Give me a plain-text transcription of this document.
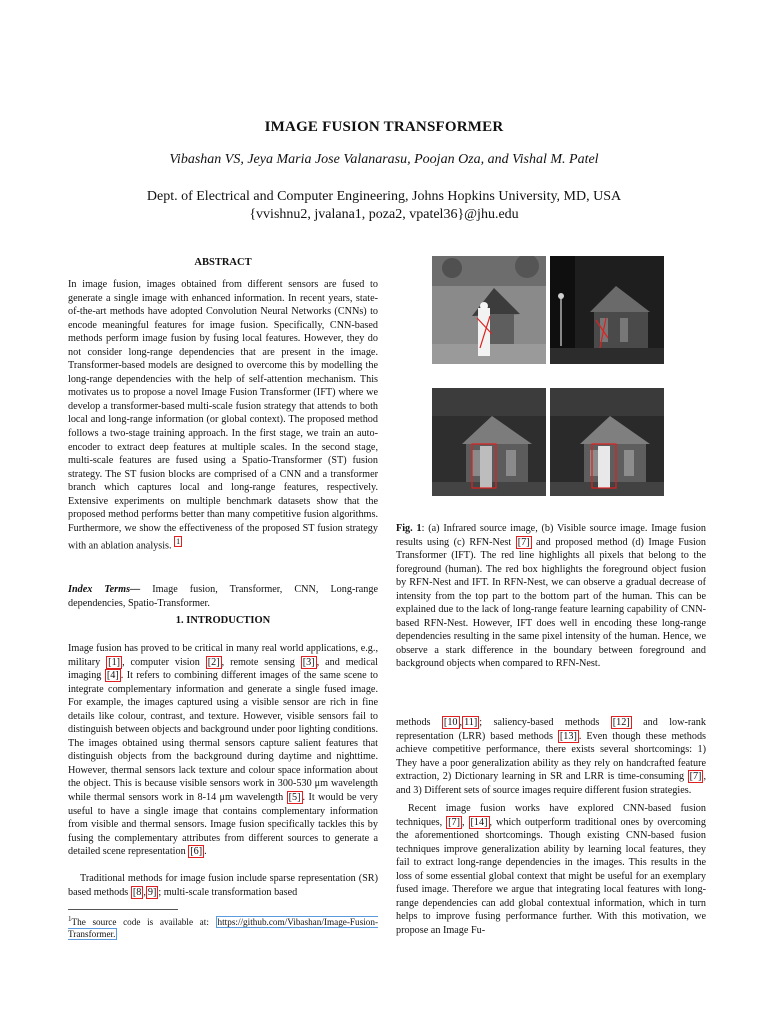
IMAGE FUSION TRANSFORMER
Vibashan VS, Jeya Maria Jose Valanarasu, Poojan Oza, and Vishal M. Patel
Dept. of Electrical and Computer Engineering, Johns Hopkins University, MD, USA
{vvishnu2, jvalana1, poza2, vpatel36}@jhu.edu
ABSTRACT
In image fusion, images obtained from different sensors are fused to generate a single image with enhanced information. In recent years, state-of-the-art methods have adopted Convolution Neural Networks (CNNs) to encode meaningful features for image fusion. Specifically, CNN-based methods perform image fusion by fusing local features. However, they do not consider long-range dependencies that are present in the image. Transformer-based models are designed to overcome this by modelling the long-range dependencies with the help of self-attention mechanism. This motivates us to propose a novel Image Fusion Transformer (IFT) where we develop a transformer-based multi-scale fusion strategy that attends to both local and long-range information (or global context). The proposed method follows a two-stage training approach. In the first stage, we train an auto-encoder to extract deep features at multiple scales. In the second stage, multi-scale features are fused using a Spatio-Transformer (ST) fusion strategy. The ST fusion blocks are comprised of a CNN and a transformer branch which captures local and long-range features, respectively. Extensive experiments on multiple benchmark datasets show that the proposed method performs better than many competitive fusion algorithms. Furthermore, we show the effectiveness of the proposed ST fusion strategy with an ablation analysis. $^1$
Index Terms— Image fusion, Transformer, CNN, Long-range dependencies, Spatio-Transformer.
1. INTRODUCTION
Image fusion has proved to be critical in many real world applications, e.g., military [1] , computer vision [2] , remote sensing [3] , and medical imaging [4] . It refers to combining different images of the same scene to integrate complementary information and generate a single fused image. For example, the images captured using a visible sensor are rich in fine details like colour, contrast, and texture. However, visible sensors fail to distinguish between objects and background under poor lighting conditions. The images obtained using thermal sensors capture salient features that distinguish objects from the background during daytime and nighttime. However, thermal sensors lack texture and colour space information about the object. This is because visible sensors work in 300-530 μm wavelength while thermal sensors work in 8-14 μm wavelength [5] . It would be very useful to have a single image that contains complementary information from visible and thermal sensors. Image fusion specifically tackles this by fusing the complementary attributes from different sources to generate a detailed scene representation [6] .
Traditional methods for image fusion include sparse representation (SR) based methods [8 , 9] ; multi-scale transformation based
$^1$The source code is available at: https://github.com/Vibashan/Image-Fusion-Transformer.
Fig. 1: (a) Infrared source image, (b) Visible source image. Image fusion results using (c) RFN-Nest [7] and proposed method (d) Image Fusion Transformer (IFT). The red line highlights all pixels that belong to the foreground (human). The red box highlights the foreground object fusion by RFN-Nest and IFT. In RFN-Nest, we can observe a gradual decrease of intensity from the top part to the bottom part of the human. This can be explained due to the lack of long-range feature learning capability of CNN-based RFN-Nest. However, IFT does well in encoding these long-range dependencies resulting in the same pixel intensity of the human. Hence, we observe a stark difference in the boundary between foreground and background objects when compared to RFN-Nest.
methods [10 , 11] ; saliency-based methods [12] and low-rank representation (LRR) based methods [13] . Even though these methods achieve competitive performance, there exists several shortcomings: 1) They have a poor generalization ability as they rely on handcrafted feature extraction, 2) Dictionary learning in SR and LRR is time-consuming [7] , and 3) Different sets of source images require different fusion strategies.
Recent image fusion works have explored CNN-based fusion techniques, [7] , [14] , which outperform traditional ones by overcoming the aforementioned shortcomings. Though existing CNN-based fusion techniques improve generalization ability by learning local features, they fail to extract long-range dependencies in the images. This results in the loss of some essential global context that might be useful for an exemplary fused image. Therefore we argue that integrating local features with long-range dependencies can add global contextual information, which in turn helps to improve fusing performance further. With this motivation, we propose an Image Fu-
